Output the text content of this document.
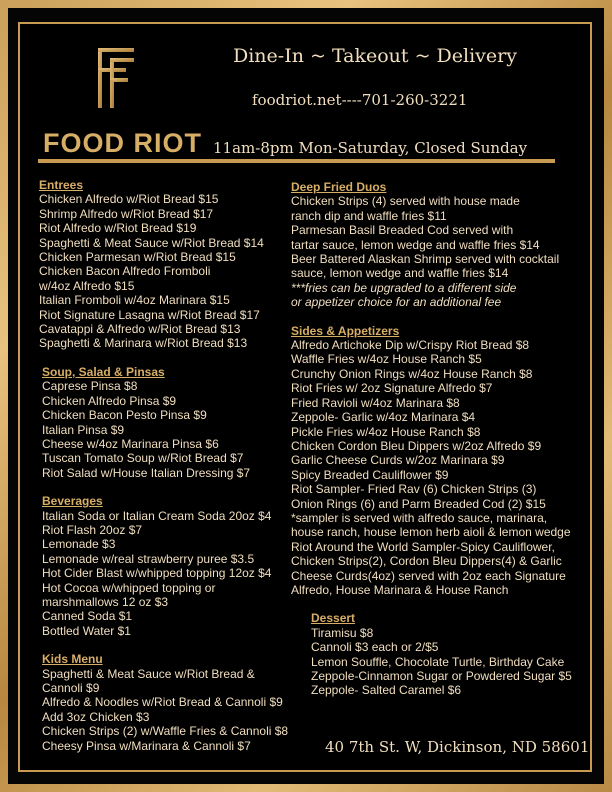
FOOD RIOT
Dine-In ~ Takeout ~ Delivery
foodriot.net----701-260-3221
11am-8pm Mon-Saturday, Closed Sunday

Entrees

Chicken Alfredo w/Riot Bread $15

Shrimp Alfredo w/Riot Bread $17

Riot Alfredo w/Riot Bread $19

Spaghetti & Meat Sauce w/Riot Bread $14

Chicken Parmesan w/Riot Bread $15

Chicken Bacon Alfredo Fromboli

w/4oz Alfredo $15

Italian Fromboli w/4oz Marinara $15

Riot Signature Lasagna w/Riot Bread $17

Cavatappi & Alfredo w/Riot Bread $13

Spaghetti & Marinara w/Riot Bread $13

Soup, Salad & Pinsas

Caprese Pinsa $8

Chicken Alfredo Pinsa $9

Chicken Bacon Pesto Pinsa $9

Italian Pinsa $9

Cheese w/4oz Marinara Pinsa $6

Tuscan Tomato Soup w/Riot Bread $7

Riot Salad w/House Italian Dressing $7

Beverages

Italian Soda or Italian Cream Soda 20oz $4

Riot Flash 20oz $7

Lemonade $3

Lemonade w/real strawberry puree $3.5

Hot Cider Blast w/whipped topping 12oz $4

Hot Cocoa w/whipped topping or

marshmallows 12 oz $3

Canned Soda $1

Bottled Water $1

Kids Menu

Spaghetti & Meat Sauce w/Riot Bread &

Cannoli $9

Alfredo & Noodles w/Riot Bread & Cannoli $9

Add 3oz Chicken $3

Chicken Strips (2) w/Waffle Fries & Cannoli $8

Cheesy Pinsa w/Marinara & Cannoli $7

Deep Fried Duos

Chicken Strips (4) served with house made

ranch dip and waffle fries $11

Parmesan Basil Breaded Cod served with

tartar sauce, lemon wedge and waffle fries $14

Beer Battered Alaskan Shrimp served with cocktail

sauce, lemon wedge and waffle fries $14

***fries can be upgraded to a different side

or appetizer choice for an additional fee

Sides & Appetizers

Alfredo Artichoke Dip w/Crispy Riot Bread $8

Waffle Fries w/4oz House Ranch $5

Crunchy Onion Rings w/4oz House Ranch $8

Riot Fries w/ 2oz Signature Alfredo $7

Fried Ravioli w/4oz Marinara $8

Zeppole- Garlic w/4oz Marinara $4

Pickle Fries w/4oz House Ranch $8

Chicken Cordon Bleu Dippers w/2oz Alfredo $9

Garlic Cheese Curds w/2oz Marinara $9

Spicy Breaded Cauliflower $9

Riot Sampler- Fried Rav (6) Chicken Strips (3)

Onion Rings (6) and Parm Breaded Cod (2) $15

*sampler is served with alfredo sauce, marinara,

house ranch, house lemon herb aioli & lemon wedge

Riot Around the World Sampler-Spicy Cauliflower,

Chicken Strips(2), Cordon Bleu Dippers(4) & Garlic

Cheese Curds(4oz) served with 2oz each Signature

Alfredo, House Marinara & House Ranch

Dessert

Tiramisu $8

Cannoli $3 each or 2/$5

Lemon Souffle, Chocolate Turtle, Birthday Cake

Zeppole-Cinnamon Sugar or Powdered Sugar $5

Zeppole- Salted Caramel $6

40 7th St. W, Dickinson, ND 58601
